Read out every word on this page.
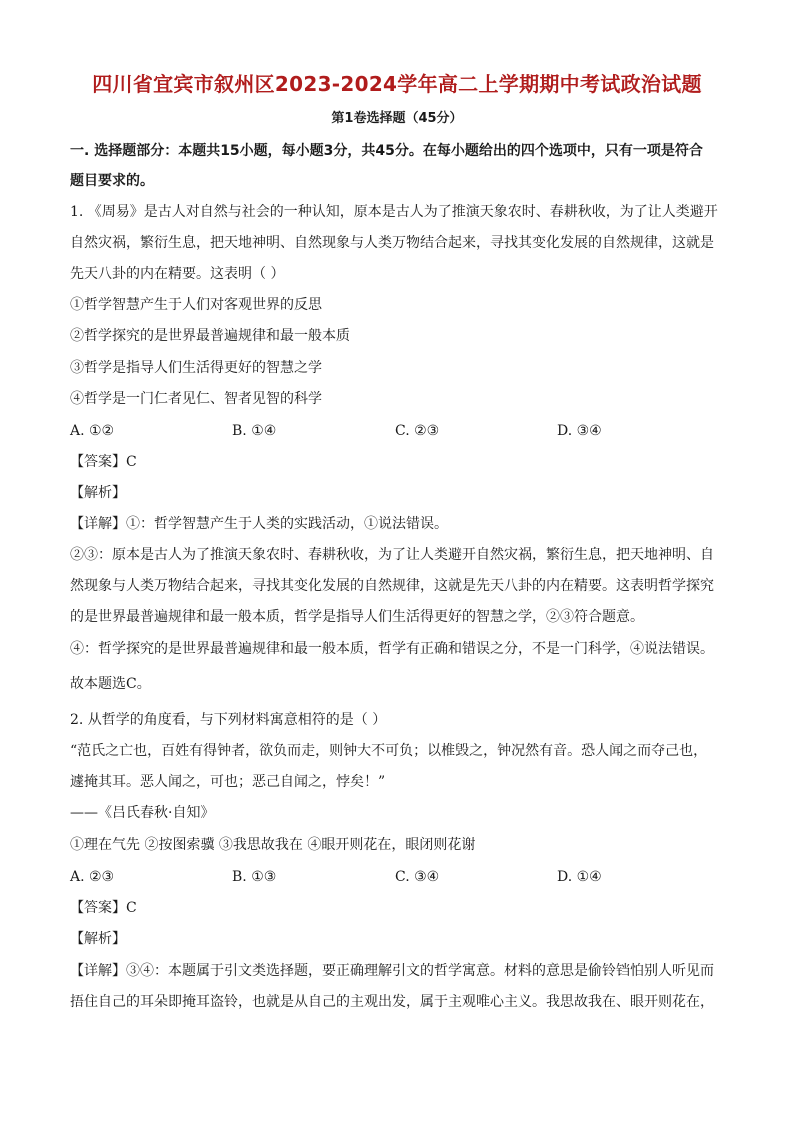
四川省宜宾市叙州区2023-2024学年高二上学期期中考试政治试题
第1卷选择题（45分）
一. 选择题部分：本题共15小题，每小题3分，共45分。在每小题给出的四个选项中，只有一项是符合
题目要求的。
1. 《周易》是古人对自然与社会的一种认知，原本是古人为了推演天象农时、春耕秋收，为了让人类避开
自然灾祸，繁衍生息，把天地神明、自然现象与人类万物结合起来，寻找其变化发展的自然规律，这就是
先天八卦的内在精要。这表明（ ）
①哲学智慧产生于人们对客观世界的反思
②哲学探究的是世界最普遍规律和最一般本质
③哲学是指导人们生活得更好的智慧之学
④哲学是一门仁者见仁、智者见智的科学
A. ①②	B. ①④	C. ②③	D. ③④
【答案】C
【解析】
【详解】①：哲学智慧产生于人类的实践活动，①说法错误。
②③：原本是古人为了推演天象农时、春耕秋收，为了让人类避开自然灾祸，繁衍生息，把天地神明、自
然现象与人类万物结合起来，寻找其变化发展的自然规律，这就是先天八卦的内在精要。这表明哲学探究
的是世界最普遍规律和最一般本质，哲学是指导人们生活得更好的智慧之学，②③符合题意。
④：哲学探究的是世界最普遍规律和最一般本质，哲学有正确和错误之分，不是一门科学，④说法错误。
故本题选C。
2. 从哲学的角度看，与下列材料寓意相符的是（ ）
“范氏之亡也，百姓有得钟者，欲负而走，则钟大不可负；以椎毁之，钟况然有音。恐人闻之而夺己也，
遽掩其耳。恶人闻之，可也；恶己自闻之，悖矣！”
——《吕氏春秋·自知》
①理在气先 ②按图索骥 ③我思故我在 ④眼开则花在，眼闭则花谢
A. ②③	B. ①③	C. ③④	D. ①④
【答案】C
【解析】
【详解】③④：本题属于引文类选择题，要正确理解引文的哲学寓意。材料的意思是偷铃铛怕别人听见而
捂住自己的耳朵即掩耳盗铃，也就是从自己的主观出发，属于主观唯心主义。我思故我在、眼开则花在，
